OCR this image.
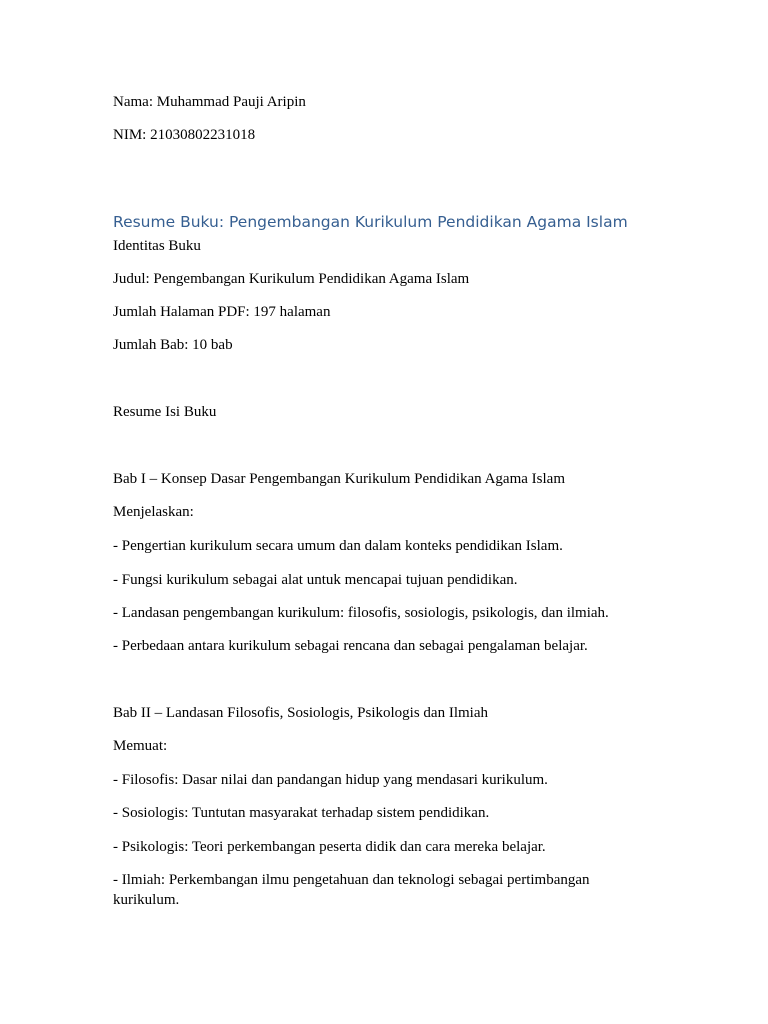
Nama: Muhammad Pauji Aripin
NIM: 21030802231018
Resume Buku: Pengembangan Kurikulum Pendidikan Agama Islam
Identitas Buku
Judul: Pengembangan Kurikulum Pendidikan Agama Islam
Jumlah Halaman PDF: 197 halaman
Jumlah Bab: 10 bab
Resume Isi Buku
Bab I – Konsep Dasar Pengembangan Kurikulum Pendidikan Agama Islam
Menjelaskan:
- Pengertian kurikulum secara umum dan dalam konteks pendidikan Islam.
- Fungsi kurikulum sebagai alat untuk mencapai tujuan pendidikan.
- Landasan pengembangan kurikulum: filosofis, sosiologis, psikologis, dan ilmiah.
- Perbedaan antara kurikulum sebagai rencana dan sebagai pengalaman belajar.
Bab II – Landasan Filosofis, Sosiologis, Psikologis dan Ilmiah
Memuat:
- Filosofis: Dasar nilai dan pandangan hidup yang mendasari kurikulum.
- Sosiologis: Tuntutan masyarakat terhadap sistem pendidikan.
- Psikologis: Teori perkembangan peserta didik dan cara mereka belajar.
- Ilmiah: Perkembangan ilmu pengetahuan dan teknologi sebagai pertimbangan kurikulum.
